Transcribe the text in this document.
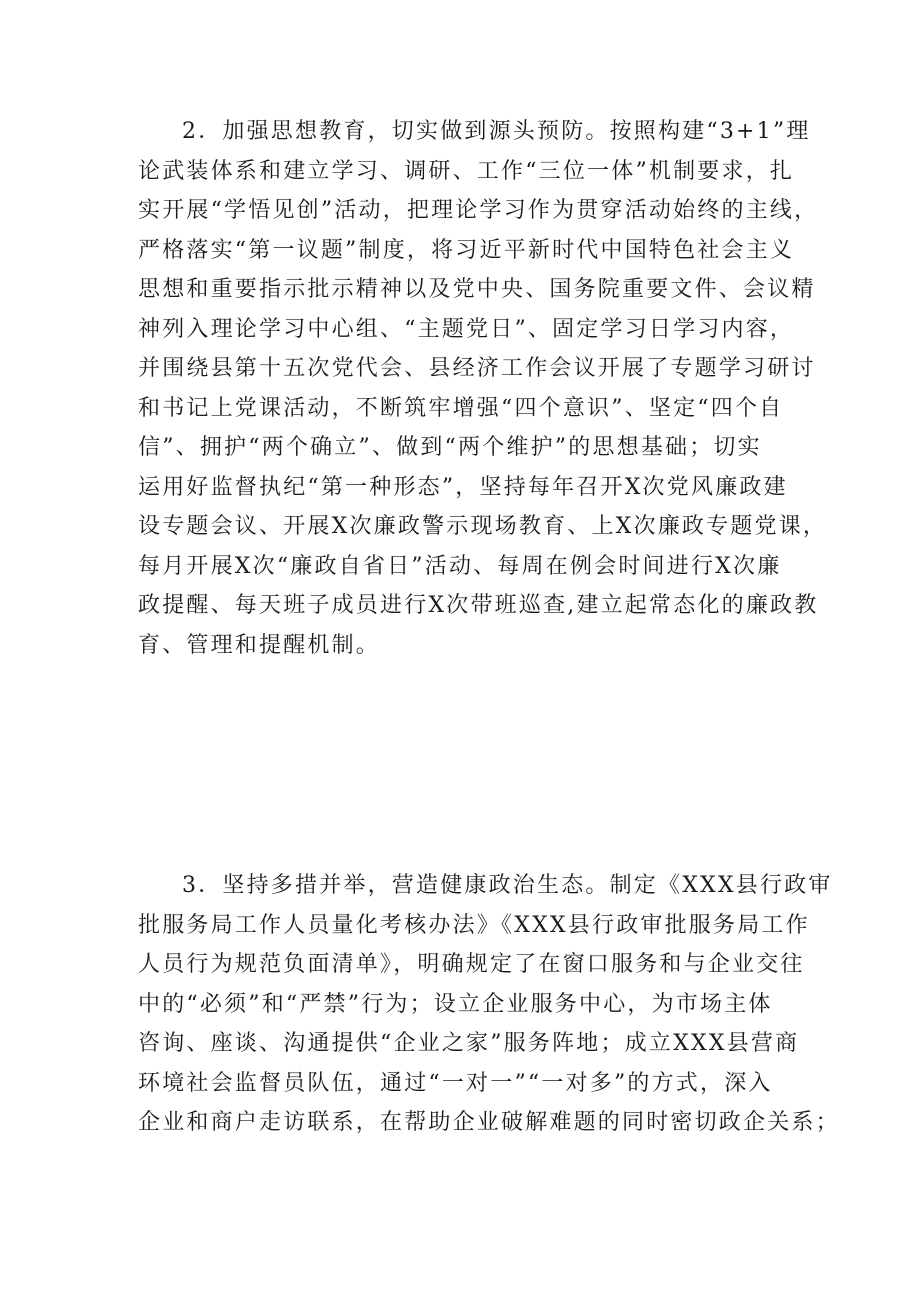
2．加强思想教育，切实做到源头预防。按照构建“3+1”理
论武装体系和建立学习、调研、工作“三位一体”机制要求，扎
实开展“学悟见创”活动，把理论学习作为贯穿活动始终的主线，
严格落实“第一议题”制度，将习近平新时代中国特色社会主义
思想和重要指示批示精神以及党中央、国务院重要文件、会议精
神列入理论学习中心组、“主题党日”、固定学习日学习内容，
并围绕县第十五次党代会、县经济工作会议开展了专题学习研讨
和书记上党课活动，不断筑牢增强“四个意识”、坚定“四个自
信”、拥护“两个确立”、做到“两个维护”的思想基础；切实
运用好监督执纪“第一种形态”，坚持每年召开X次党风廉政建
设专题会议、开展X次廉政警示现场教育、上X次廉政专题党课，
每月开展X次“廉政自省日”活动、每周在例会时间进行X次廉
政提醒、每天班子成员进行X次带班巡查,建立起常态化的廉政教
育、管理和提醒机制。
3．坚持多措并举，营造健康政治生态。制定《XXX县行政审
批服务局工作人员量化考核办法》《XXX县行政审批服务局工作
人员行为规范负面清单》，明确规定了在窗口服务和与企业交往
中的“必须”和“严禁”行为；设立企业服务中心，为市场主体
咨询、座谈、沟通提供“企业之家”服务阵地；成立XXX县营商
环境社会监督员队伍，通过“一对一”“一对多”的方式，深入
企业和商户走访联系，在帮助企业破解难题的同时密切政企关系；
